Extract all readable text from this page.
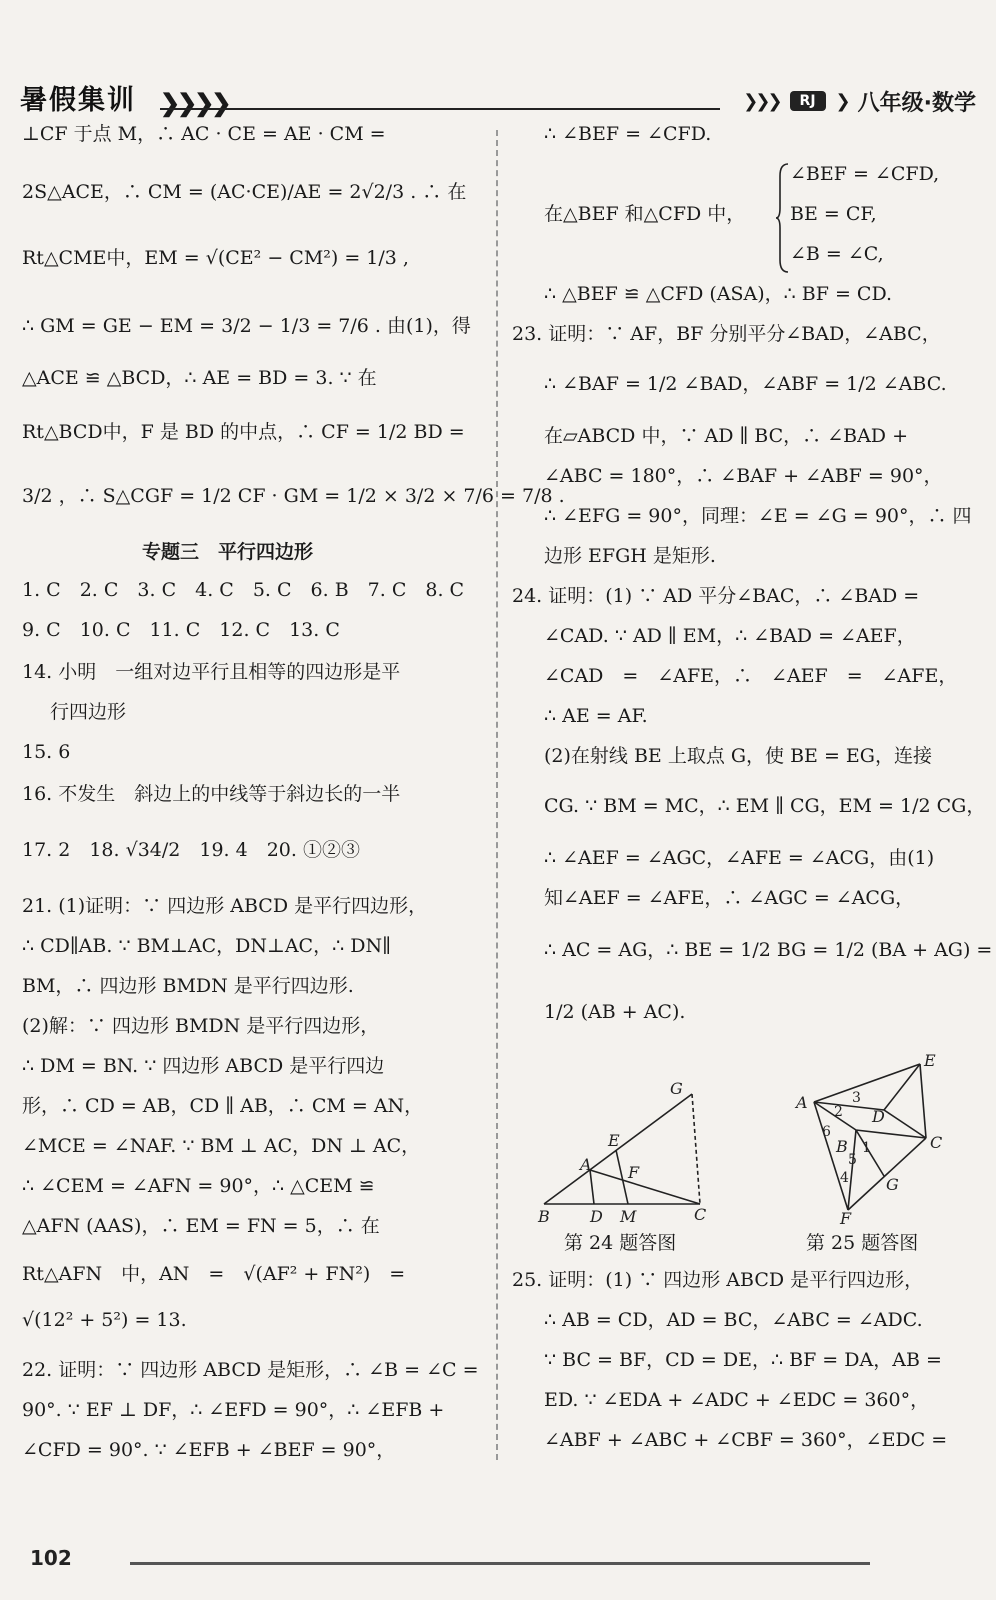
暑假集训 ❯❯❯❯	❯❯❯	RJ	❯ 八年级·数学
⊥CF 于点 M，∴ AC · CE = AE · CM =
2S△ACE，∴ CM = (AC·CE)/AE = 2√2/3 . ∴ 在
Rt△CME中，EM = √(CE² − CM²) = 1/3 ,
∴ GM = GE − EM = 3/2 − 1/3 = 7/6 . 由(1)，得
△ACE ≌ △BCD，∴ AE = BD = 3. ∵ 在
Rt△BCD中，F 是 BD 的中点，∴ CF = 1/2 BD =
3/2 ，∴ S△CGF = 1/2 CF · GM = 1/2 × 3/2 × 7/6 = 7/8 .
专题三　平行四边形
1. C　2. C　3. C　4. C　5. C　6. B　7. C　8. C
9. C　10. C　11. C　12. C　13. C
14. 小明　一组对边平行且相等的四边形是平
行四边形
15. 6
16. 不发生　斜边上的中线等于斜边长的一半
17. 2　18. √34/2　19. 4　20. ①②③
21. (1)证明：∵ 四边形 ABCD 是平行四边形，
∴ CD∥AB. ∵ BM⊥AC，DN⊥AC，∴ DN∥
BM，∴ 四边形 BMDN 是平行四边形.
(2)解：∵ 四边形 BMDN 是平行四边形，
∴ DM = BN. ∵ 四边形 ABCD 是平行四边
形，∴ CD = AB，CD ∥ AB，∴ CM = AN，
∠MCE = ∠NAF. ∵ BM ⊥ AC，DN ⊥ AC，
∴ ∠CEM = ∠AFN = 90°，∴ △CEM ≌
△AFN (AAS)，∴ EM = FN = 5，∴ 在
Rt△AFN　中，AN　=　√(AF² + FN²)　=
√(12² + 5²) = 13.
22. 证明：∵ 四边形 ABCD 是矩形，∴ ∠B = ∠C =
90°. ∵ EF ⊥ DF，∴ ∠EFD = 90°，∴ ∠EFB +
∠CFD = 90°. ∵ ∠EFB + ∠BEF = 90°，
∴ ∠BEF = ∠CFD.
∠BEF = ∠CFD,
在△BEF 和△CFD 中， BE = CF,
∠B = ∠C,
∴ △BEF ≌ △CFD (ASA)，∴ BF = CD.
23. 证明：∵ AF，BF 分别平分∠BAD，∠ABC，
∴ ∠BAF = 1/2 ∠BAD，∠ABF = 1/2 ∠ABC.
在▱ABCD 中，∵ AD ∥ BC，∴ ∠BAD +
∠ABC = 180°，∴ ∠BAF + ∠ABF = 90°，
∴ ∠EFG = 90°，同理：∠E = ∠G = 90°，∴ 四
边形 EFGH 是矩形.
24. 证明：(1) ∵ AD 平分∠BAC，∴ ∠BAD =
∠CAD. ∵ AD ∥ EM，∴ ∠BAD = ∠AEF，
∠CAD　=　∠AFE，∴　∠AEF　=　∠AFE，
∴ AE = AF.
(2)在射线 BE 上取点 G，使 BE = EG，连接
CG. ∵ BM = MC，∴ EM ∥ CG，EM = 1/2 CG，
∴ ∠AEF = ∠AGC，∠AFE = ∠ACG，由(1)
知∠AEF = ∠AFE，∴ ∠AGC = ∠ACG，
∴ AC = AG，∴ BE = 1/2 BG = 1/2 (BA + AG) =
1/2 (AB + AC).
25. 证明：(1) ∵ 四边形 ABCD 是平行四边形，
∴ AB = CD，AD = BC，∠ABC = ∠ADC.
∵ BC = BF，CD = DE，∴ BF = DA，AB =
ED. ∵ ∠EDA + ∠ADC + ∠EDC = 360°，
∠ABF + ∠ABC + ∠CBF = 360°，∠EDC =
G
E
A F
B	D M	C
第 24 题答图
E
A	3
2 D
6
B 1	C
5
4 G
F
第 25 题答图
102
